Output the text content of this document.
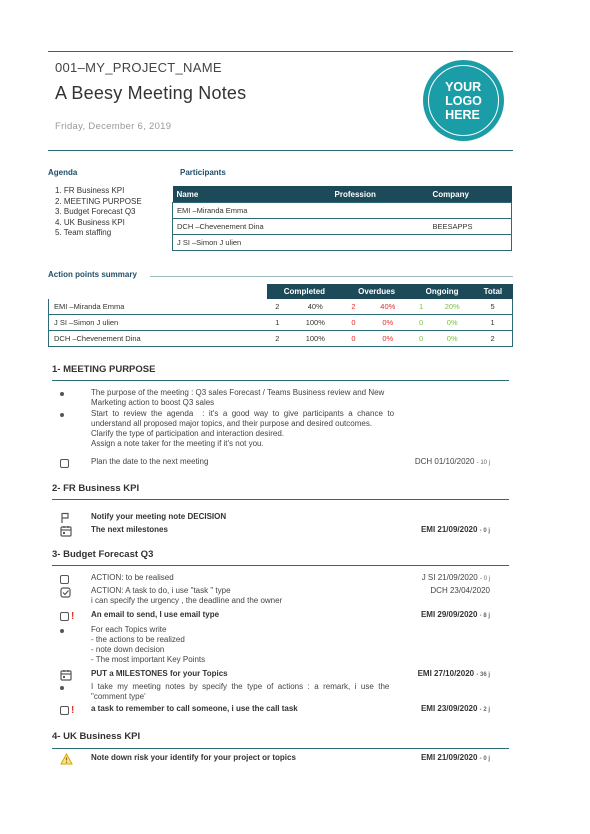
001–MY_PROJECT_NAME
A Beesy Meeting Notes
Friday, December 6, 2019
YOUR
LOGO
HERE
Agenda
1. FR Business KPI
2. MEETING PURPOSE
3. Budget Forecast Q3
4. UK Business KPI
5. Team staffing
Participants
Name	Profession	Company
EMI –Miranda Emma		
DCH –Chevenement Dina		BEESAPPS
J SI –Simon J ulien		
Action points summary
	Completed		Overdues		Ongoing		Total
EMI –Miranda Emma	2	40%	2	40%	1	20%	5
J SI –Simon J ulien	1	100%	0	0%	0	0%	1
DCH –Chevenement Dina	2	100%	0	0%	0	0%	2
1- MEETING PURPOSE
The purpose of the meeting : Q3 sales Forecast / Teams Business review and New
Marketing action to boost Q3 sales
Start  to  review  the  agenda    :  it's  a  good  way  to  give  participants  a  chance  to
understand all proposed major topics, and their purpose and desired outcomes.
Clarify the type of participation and interaction desired.
Assign a note taker for the meeting if it's not you.
Plan the date to the next meeting	DCH 01/10/2020 - 10 j
2- FR Business KPI
Notify your meeting note DECISION
The next milestones	EMI 21/09/2020 - 0 j
3- Budget Forecast Q3
ACTION: to be realised	J SI 21/09/2020 - 0 j
ACTION: A task to do, i use "task " type
i can specify the urgency , the deadline and the owner
DCH 23/04/2020
! An email to send, I use email type	EMI 29/09/2020 - 8 j
For each Topics write
- the actions to be realized
- note down decision
- The most important Key Points
PUT a MILESTONES for your Topics	EMI 27/10/2020 - 36 j
I  take  my  meeting  notes  by  specify  the  type  of  actions  :  a  remark,  i  use  the
"comment type'
! a task to remember to call someone, i use the call task	EMI 23/09/2020 - 2 j
4- UK Business KPI
Note down risk your identify for your project or topics	EMI 21/09/2020 - 0 j
